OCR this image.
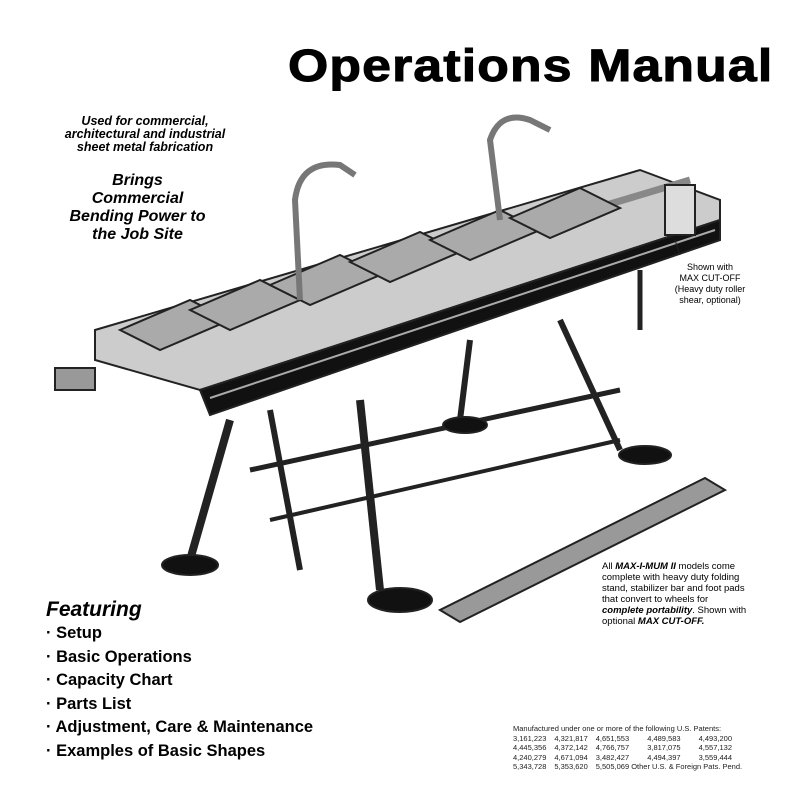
Operations Manual
Used for commercial,
architectural and industrial
sheet metal fabrication
Brings
Commercial
Bending Power to
the Job Site
Shown with
MAX CUT-OFF
(Heavy duty roller
shear, optional)
All MAX-I-MUM II models come complete with heavy duty folding stand, stabilizer bar and foot pads that convert to wheels for complete portability. Shown with optional MAX CUT-OFF.
Featuring
· Setup
· Basic Operations
· Capacity Chart
· Parts List
· Adjustment, Care & Maintenance
· Examples of Basic Shapes
Manufactured under one or more of the following U.S. Patents:
3,161,223	4,321,817	4,651,553	4,489,583	4,493,200
4,445,356	4,372,142	4,766,757	3,817,075	4,557,132
4,240,279	4,671,094	3,482,427	4,494,397	3,559,444
5,343,728	5,353,620	5,505,069 Other U.S. & Foreign Pats. Pend.		
